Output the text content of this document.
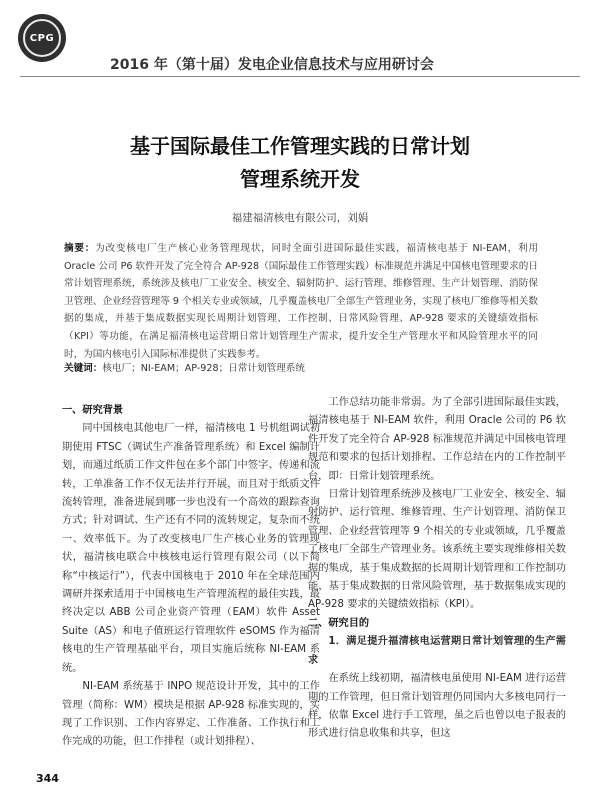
CPG
2016 年（第十届）发电企业信息技术与应用研讨会
基于国际最佳工作管理实践的日常计划
管理系统开发
福建福清核电有限公司，刘娟
摘要：为改变核电厂生产核心业务管理现状，同时全面引进国际最佳实践，福清核电基于 NI-EAM，利用 Oracle 公司 P6 软件开发了完全符合 AP-928（国际最佳工作管理实践）标准规范并满足中国核电管理要求的日常计划管理系统，系统涉及核电厂工业安全、核安全、辐射防护、运行管理、维修管理、生产计划管理、消防保卫管理、企业经营管理等 9 个相关专业或领域，几乎覆盖核电厂全部生产管理业务，实现了核电厂维修等相关数据的集成，并基于集成数据实现长周期计划管理、工作控制、日常风险管理、AP-928 要求的关键绩效指标（KPI）等功能，在满足福清核电运营期日常计划管理生产需求，提升安全生产管理水平和风险管理水平的同时，为国内核电引入国际标准提供了实践参考。
关键词：核电厂；NI-EAM；AP-928；日常计划管理系统

一、研究背景

同中国核电其他电厂一样，福清核电 1 号机组调试初期使用 FTSC（调试生产准备管理系统）和 Excel 编制计划，而通过纸质工作文件包在多个部门中签字、传递和流转，工单准备工作不仅无法并行开展，而且对于纸质文件流转管理，准备进展到哪一步也没有一个高效的跟踪查询方式；针对调试、生产还有不同的流转规定，复杂而不统一、效率低下。为了改变核电厂生产核心业务的管理现状，福清核电联合中核核电运行管理有限公司（以下简称“中核运行”），代表中国核电于 2010 年在全球范围内调研并探索适用于中国核电生产管理流程的最佳实践，最终决定以 ABB 公司企业资产管理（EAM）软件 Asset Suite（AS）和电子值班运行管理软件 eSOMS 作为福清核电的生产管理基础平台，项目实施后统称 NI-EAM 系统。

NI-EAM 系统基于 INPO 规范设计开发，其中的工作管理（简称：WM）模块是根据 AP-928 标准实现的，实现了工作识别、工作内容界定、工作准备、工作执行和工作完成的功能，但工作排程（或计划排程）、

工作总结功能非常弱。为了全部引进国际最佳实践，福清核电基于 NI-EAM 软件，利用 Oracle 公司的 P6 软件开发了完全符合 AP-928 标准规范并满足中国核电管理规范和要求的包括计划排程、工作总结在内的工作控制平台，即：日常计划管理系统。

日常计划管理系统涉及核电厂工业安全、核安全、辐射防护、运行管理、维修管理、生产计划管理、消防保卫管理、企业经营管理等 9 个相关的专业或领域，几乎覆盖了核电厂全部生产管理业务。该系统主要实现维修相关数据的集成，基于集成数据的长周期计划管理和工作控制功能，基于集成数据的日常风险管理，基于数据集成实现的 AP-928 要求的关键绩效指标（KPI）。

二、研究目的

1．满足提升福清核电运营期日常计划管理的生产需求

在系统上线初期，福清核电虽使用 NI-EAM 进行运营期的工作管理，但日常计划管理仍同国内大多核电同行一样，依靠 Excel 进行手工管理，虽之后也曾以电子报表的形式进行信息收集和共享，但这

344
